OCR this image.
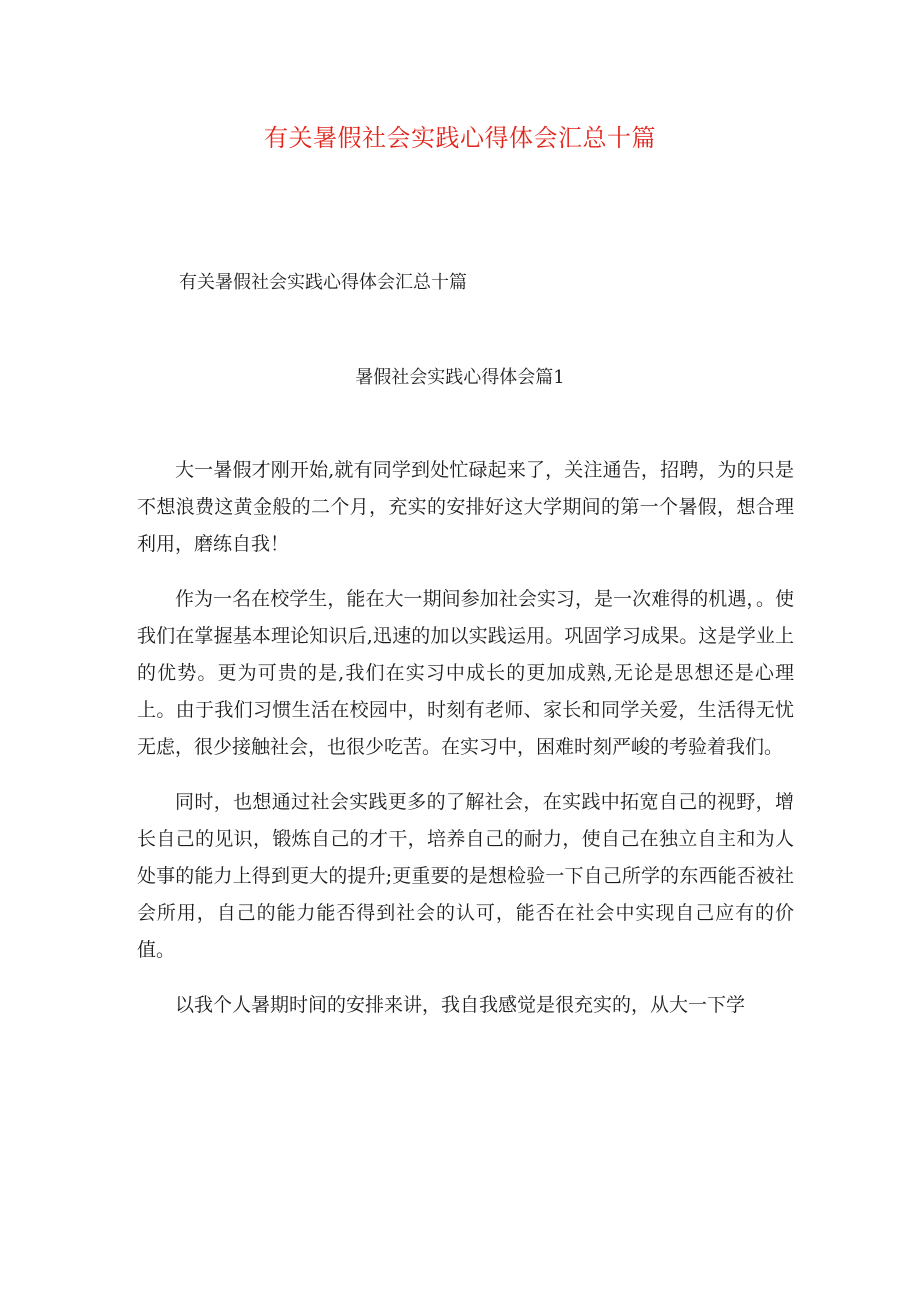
有关暑假社会实践心得体会汇总十篇

有关暑假社会实践心得体会汇总十篇

暑假社会实践心得体会篇1

大一暑假才刚开始,就有同学到处忙碌起来了，关注通告，招聘，为的只是不想浪费这黄金般的二个月，充实的安排好这大学期间的第一个暑假，想合理利用，磨练自我！

作为一名在校学生，能在大一期间参加社会实习，是一次难得的机遇，。使我们在掌握基本理论知识后,迅速的加以实践运用。巩固学习成果。这是学业上的优势。更为可贵的是,我们在实习中成长的更加成熟,无论是思想还是心理上。由于我们习惯生活在校园中，时刻有老师、家长和同学关爱，生活得无忧无虑，很少接触社会，也很少吃苦。在实习中，困难时刻严峻的考验着我们。

同时，也想通过社会实践更多的了解社会，在实践中拓宽自己的视野，增长自己的见识，锻炼自己的才干，培养自己的耐力，使自己在独立自主和为人处事的能力上得到更大的提升;更重要的是想检验一下自己所学的东西能否被社会所用，自己的能力能否得到社会的认可，能否在社会中实现自己应有的价值。

以我个人暑期时间的安排来讲，我自我感觉是很充实的，从大一下学
